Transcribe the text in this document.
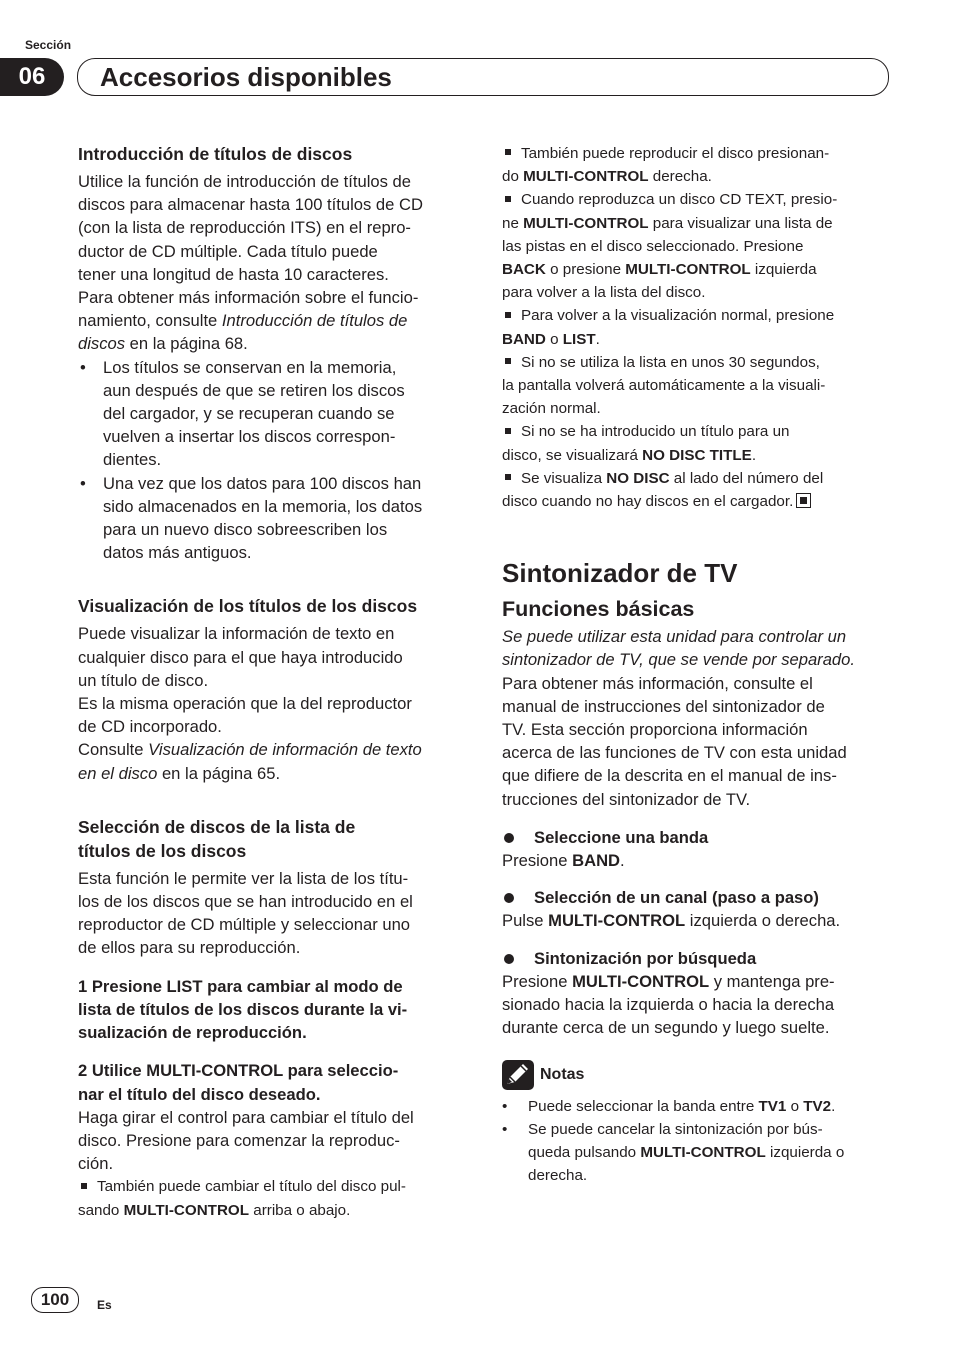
Sección
06	Accesorios disponibles

Introducción de títulos de discos

Utilice la función de introducción de títulos de
discos para almacenar hasta 100 títulos de CD
(con la lista de reproducción ITS) en el repro-
ductor de CD múltiple. Cada título puede
tener una longitud de hasta 10 caracteres.
Para obtener más información sobre el funcio-
namiento, consulte Introducción de títulos de
discos en la página 68.

• Los títulos se conservan en la memoria,
aun después de que se retiren los discos
del cargador, y se recuperan cuando se
vuelven a insertar los discos correspon-
dientes.
• Una vez que los datos para 100 discos han
sido almacenados en la memoria, los datos
para un nuevo disco sobreescriben los
datos más antiguos.

Visualización de los títulos de los discos

Puede visualizar la información de texto en
cualquier disco para el que haya introducido
un título de disco.
Es la misma operación que la del reproductor
de CD incorporado.
Consulte Visualización de información de texto
en el disco en la página 65.

Selección de discos de la lista de
títulos de los discos

Esta función le permite ver la lista de los títu-
los de los discos que se han introducido en el
reproductor de CD múltiple y seleccionar uno
de ellos para su reproducción.

1 Presione LIST para cambiar al modo de
lista de títulos de los discos durante la vi-
sualización de reproducción.

2 Utilice MULTI-CONTROL para seleccio-
nar el título del disco deseado.

Haga girar el control para cambiar el título del
disco. Presione para comenzar la reproduc-
ción.

También puede cambiar el título del disco pul-
sando MULTI-CONTROL arriba o abajo.

También puede reproducir el disco presionan-
do MULTI-CONTROL derecha.

Cuando reproduzca un disco CD TEXT, presio-
ne MULTI-CONTROL para visualizar una lista de
las pistas en el disco seleccionado. Presione
BACK o presione MULTI-CONTROL izquierda
para volver a la lista del disco.

Para volver a la visualización normal, presione
BAND o LIST.

Si no se utiliza la lista en unos 30 segundos,
la pantalla volverá automáticamente a la visuali-
zación normal.

Si no se ha introducido un título para un
disco, se visualizará NO DISC TITLE.

Se visualiza NO DISC al lado del número del
disco cuando no hay discos en el cargador.

Sintonizador de TV

Funciones básicas

Se puede utilizar esta unidad para controlar un
sintonizador de TV, que se vende por separado.

Para obtener más información, consulte el
manual de instrucciones del sintonizador de
TV. Esta sección proporciona información
acerca de las funciones de TV con esta unidad
que difiere de la descrita en el manual de ins-
trucciones del sintonizador de TV.

Seleccione una banda

Presione BAND.

Selección de un canal (paso a paso)

Pulse MULTI-CONTROL izquierda o derecha.

Sintonización por búsqueda

Presione MULTI-CONTROL y mantenga pre-
sionado hacia la izquierda o hacia la derecha
durante cerca de un segundo y luego suelte.

Notas
• Puede seleccionar la banda entre TV1 o TV2.
• Se puede cancelar la sintonización por bús-
queda pulsando MULTI-CONTROL izquierda o
derecha.
100	Es
